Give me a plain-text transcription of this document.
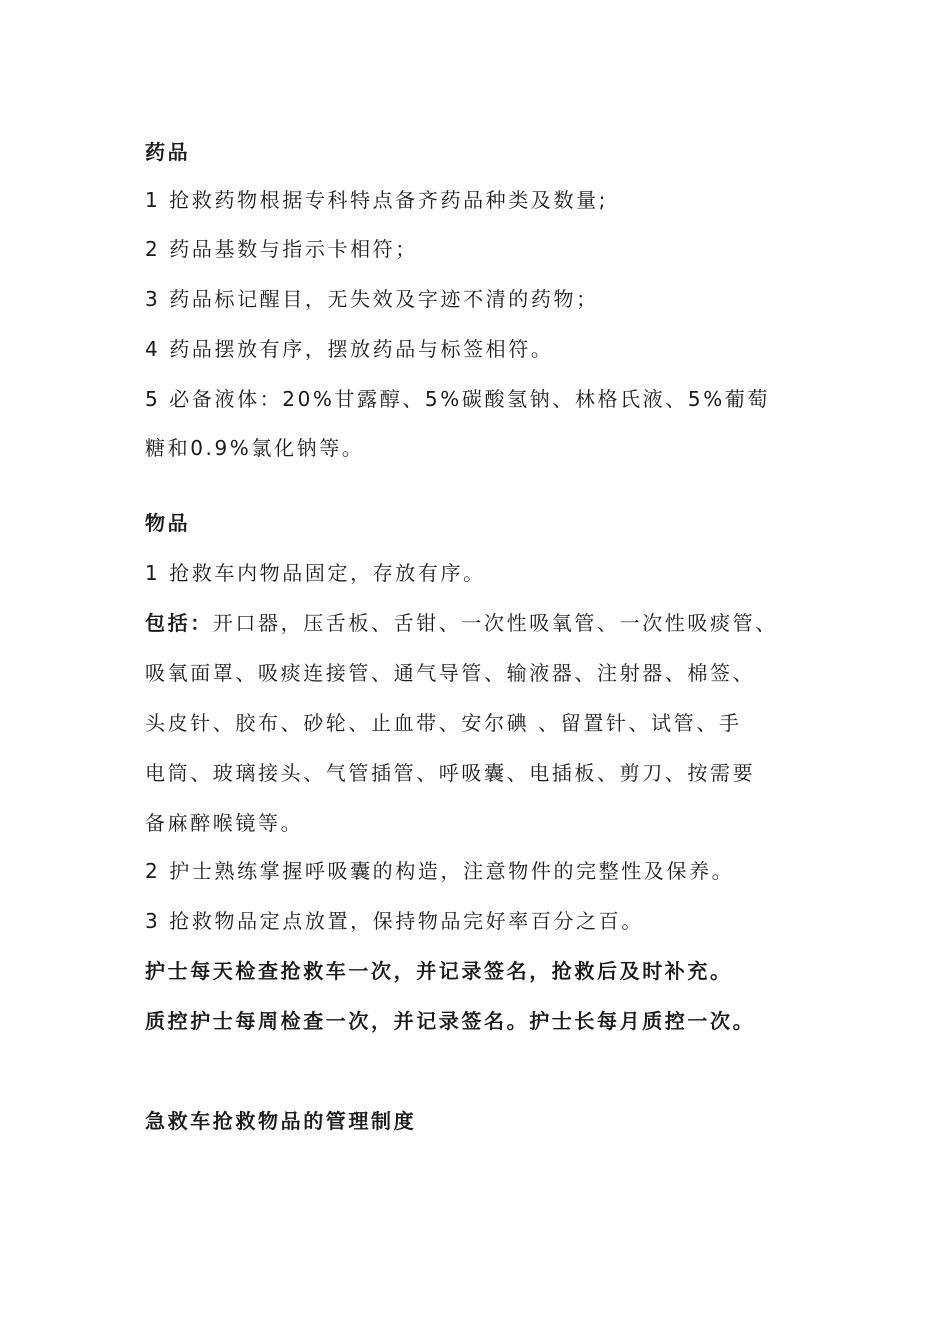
药品
1 抢救药物根据专科特点备齐药品种类及数量;
2 药品基数与指示卡相符；
3 药品标记醒目，无失效及字迹不清的药物；
4 药品摆放有序，摆放药品与标签相符。
5 必备液体：20%甘露醇、5%碳酸氢钠、林格氏液、5%葡萄
糖和0.9%氯化钠等。
物品
1 抢救车内物品固定，存放有序。
包括：开口器，压舌板、舌钳、一次性吸氧管、一次性吸痰管、
吸氧面罩、吸痰连接管、通气导管、输液器、注射器、棉签、
头皮针、胶布、砂轮、止血带、安尔碘 、留置针、试管、手
电筒、玻璃接头、气管插管、呼吸囊、电插板、剪刀、按需要
备麻醉喉镜等。
2 护士熟练掌握呼吸囊的构造，注意物件的完整性及保养。
3 抢救物品定点放置，保持物品完好率百分之百。
护士每天检查抢救车一次，并记录签名，抢救后及时补充。
质控护士每周检查一次，并记录签名。护士长每月质控一次。
急救车抢救物品的管理制度
